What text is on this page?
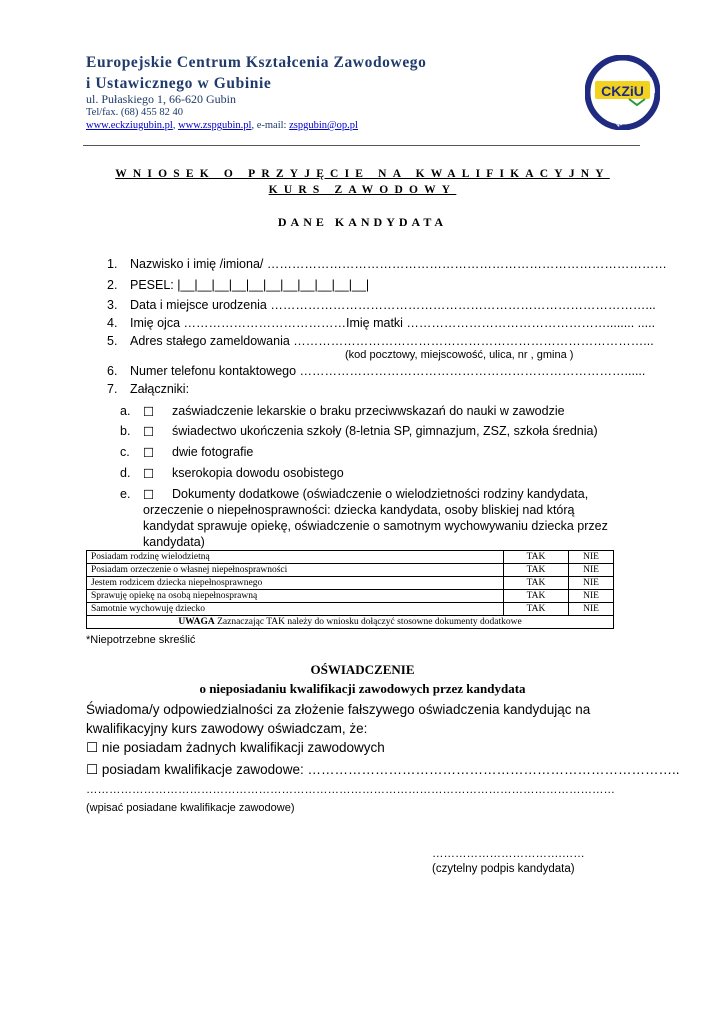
Europejskie Centrum Kształcenia Zawodowego
i Ustawicznego w Gubinie
ul. Pułaskiego 1, 66-620 Gubin
Tel/fax. (68) 455 82 40
www.eckziugubin.pl, www.zspgubin.pl, e-mail: zspgubin@op.pl
CKZiU
W GUBINIE
WNIOSEK O PRZYJĘCIE NA KWALIFIKACYJNY
KURS ZAWODOWY
DANE KANDYDATA
1. Nazwisko i imię /imiona/ ……………………………………………………………………………………
2. PESEL: |__|__|__|__|__|__|__|__|__|__|__|
3. Data i miejsce urodzenia ………………………………………………………………………………...
4. Imię ojca …………………………………Imię matki …………………………………………........ .....
5. Adres stałego zameldowania …………………………………………………………………………...
(kod pocztowy, miejscowość, ulica, nr , gmina )
6. Numer telefonu kontaktowego ……………………………………………………………………......
7. Załączniki:
a. ☐ zaświadczenie lekarskie o braku przeciwwskazań do nauki w zawodzie
b. ☐ świadectwo ukończenia szkoły (8-letnia SP, gimnazjum, ZSZ, szkoła średnia)
c. ☐ dwie fotografie
d. ☐ kserokopia dowodu osobistego
e. ☐ Dokumenty dodatkowe (oświadczenie o wielodzietności rodziny kandydata,
orzeczenie o niepełnosprawności: dziecka kandydata, osoby bliskiej nad którą
kandydat sprawuje opiekę, oświadczenie o samotnym wychowywaniu dziecka przez
kandydata)
Posiadam rodzinę wielodzietną	TAK	NIE
Posiadam orzeczenie o własnej niepełnosprawności	TAK	NIE
Jestem rodzicem dziecka niepełnosprawnego	TAK	NIE
Sprawuję opiekę na osobą niepełnosprawną	TAK	NIE
Samotnie wychowuję dziecko	TAK	NIE
UWAGA Zaznaczając TAK należy do wniosku dołączyć stosowne dokumenty dodatkowe		
*Niepotrzebne skreślić
OŚWIADCZENIE
o nieposiadaniu kwalifikacji zawodowych przez kandydata
Świadoma/y odpowiedzialności za złożenie fałszywego oświadczenia kandydując na
kwalifikacyjny kurs zawodowy oświadczam, że:
☐ nie posiadam żadnych kwalifikacji zawodowych
☐ posiadam kwalifikacje zawodowe: ………………………………………………………………………..
…………………………………………………………………………………………………………………………
(wpisać posiadane kwalifikacje zawodowe)
…………………………….……
(czytelny podpis kandydata)
